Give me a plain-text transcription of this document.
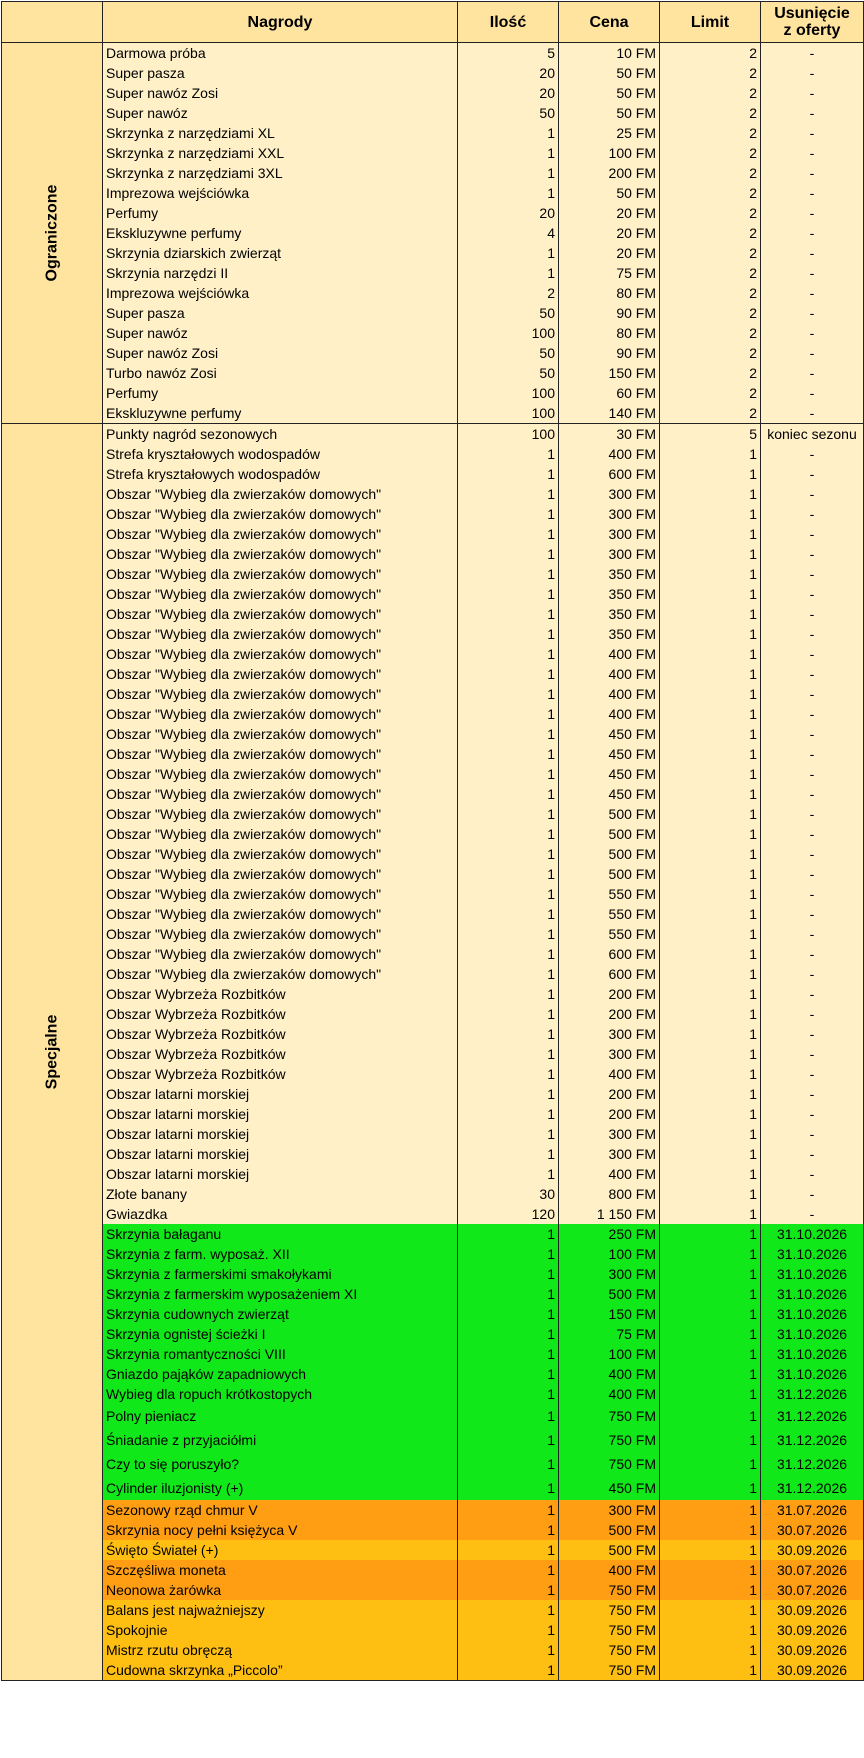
	Nagrody	Ilość	Cena	Limit	Usunięcie
z oferty

Ograniczone	Darmowa próba	5	10 FM	2	-
	Super pasza	20	50 FM	2	-
	Super nawóz Zosi	20	50 FM	2	-
	Super nawóz	50	50 FM	2	-
	Skrzynka z narzędziami XL	1	25 FM	2	-
	Skrzynka z narzędziami XXL	1	100 FM	2	-
	Skrzynka z narzędziami 3XL	1	200 FM	2	-
	Imprezowa wejściówka	1	50 FM	2	-
	Perfumy	20	20 FM	2	-
	Ekskluzywne perfumy	4	20 FM	2	-
	Skrzynia dziarskich zwierząt	1	20 FM	2	-
	Skrzynia narzędzi II	1	75 FM	2	-
	Imprezowa wejściówka	2	80 FM	2	-
	Super pasza	50	90 FM	2	-
	Super nawóz	100	80 FM	2	-
	Super nawóz Zosi	50	90 FM	2	-
	Turbo nawóz Zosi	50	150 FM	2	-
	Perfumy	100	60 FM	2	-
	Ekskluzywne perfumy	100	140 FM	2	-

Specjalne	Punkty nagród sezonowych	100	30 FM	5	koniec sezonu
	Strefa kryształowych wodospadów	1	400 FM	1	-
	Strefa kryształowych wodospadów	1	600 FM	1	-
	Obszar "Wybieg dla zwierzaków domowych"	1	300 FM	1	-
	Obszar "Wybieg dla zwierzaków domowych"	1	300 FM	1	-
	Obszar "Wybieg dla zwierzaków domowych"	1	300 FM	1	-
	Obszar "Wybieg dla zwierzaków domowych"	1	300 FM	1	-
	Obszar "Wybieg dla zwierzaków domowych"	1	350 FM	1	-
	Obszar "Wybieg dla zwierzaków domowych"	1	350 FM	1	-
	Obszar "Wybieg dla zwierzaków domowych"	1	350 FM	1	-
	Obszar "Wybieg dla zwierzaków domowych"	1	350 FM	1	-
	Obszar "Wybieg dla zwierzaków domowych"	1	400 FM	1	-
	Obszar "Wybieg dla zwierzaków domowych"	1	400 FM	1	-
	Obszar "Wybieg dla zwierzaków domowych"	1	400 FM	1	-
	Obszar "Wybieg dla zwierzaków domowych"	1	400 FM	1	-
	Obszar "Wybieg dla zwierzaków domowych"	1	450 FM	1	-
	Obszar "Wybieg dla zwierzaków domowych"	1	450 FM	1	-
	Obszar "Wybieg dla zwierzaków domowych"	1	450 FM	1	-
	Obszar "Wybieg dla zwierzaków domowych"	1	450 FM	1	-
	Obszar "Wybieg dla zwierzaków domowych"	1	500 FM	1	-
	Obszar "Wybieg dla zwierzaków domowych"	1	500 FM	1	-
	Obszar "Wybieg dla zwierzaków domowych"	1	500 FM	1	-
	Obszar "Wybieg dla zwierzaków domowych"	1	500 FM	1	-
	Obszar "Wybieg dla zwierzaków domowych"	1	550 FM	1	-
	Obszar "Wybieg dla zwierzaków domowych"	1	550 FM	1	-
	Obszar "Wybieg dla zwierzaków domowych"	1	550 FM	1	-
	Obszar "Wybieg dla zwierzaków domowych"	1	600 FM	1	-
	Obszar "Wybieg dla zwierzaków domowych"	1	600 FM	1	-
	Obszar Wybrzeża Rozbitków	1	200 FM	1	-
	Obszar Wybrzeża Rozbitków	1	200 FM	1	-
	Obszar Wybrzeża Rozbitków	1	300 FM	1	-
	Obszar Wybrzeża Rozbitków	1	300 FM	1	-
	Obszar Wybrzeża Rozbitków	1	400 FM	1	-
	Obszar latarni morskiej	1	200 FM	1	-
	Obszar latarni morskiej	1	200 FM	1	-
	Obszar latarni morskiej	1	300 FM	1	-
	Obszar latarni morskiej	1	300 FM	1	-
	Obszar latarni morskiej	1	400 FM	1	-
	Złote banany	30	800 FM	1	-
	Gwiazdka	120	1 150 FM	1	-
	Skrzynia bałaganu	1	250 FM	1	31.10.2026
	Skrzynia z farm. wyposaż. XII	1	100 FM	1	31.10.2026
	Skrzynia z farmerskimi smakołykami	1	300 FM	1	31.10.2026
	Skrzynia z farmerskim wyposażeniem XI	1	500 FM	1	31.10.2026
	Skrzynia cudownych zwierząt	1	150 FM	1	31.10.2026
	Skrzynia ognistej ścieżki I	1	75 FM	1	31.10.2026
	Skrzynia romantyczności VIII	1	100 FM	1	31.10.2026
	Gniazdo pająków zapadniowych	1	400 FM	1	31.10.2026
	Wybieg dla ropuch krótkostopych	1	400 FM	1	31.12.2026
	Polny pieniacz	1	750 FM	1	31.12.2026
	Śniadanie z przyjaciółmi	1	750 FM	1	31.12.2026
	Czy to się poruszyło?	1	750 FM	1	31.12.2026
	Cylinder iluzjonisty (+)	1	450 FM	1	31.12.2026
	Sezonowy rząd chmur V	1	300 FM	1	31.07.2026
	Skrzynia nocy pełni księżyca V	1	500 FM	1	30.07.2026
	Święto Świateł (+)	1	500 FM	1	30.09.2026
	Szczęśliwa moneta	1	400 FM	1	30.07.2026
	Neonowa żarówka	1	750 FM	1	30.07.2026
	Balans jest najważniejszy	1	750 FM	1	30.09.2026
	Spokojnie	1	750 FM	1	30.09.2026
	Mistrz rzutu obręczą	1	750 FM	1	30.09.2026
	Cudowna skrzynka „Piccolo”	1	750 FM	1	30.09.2026
